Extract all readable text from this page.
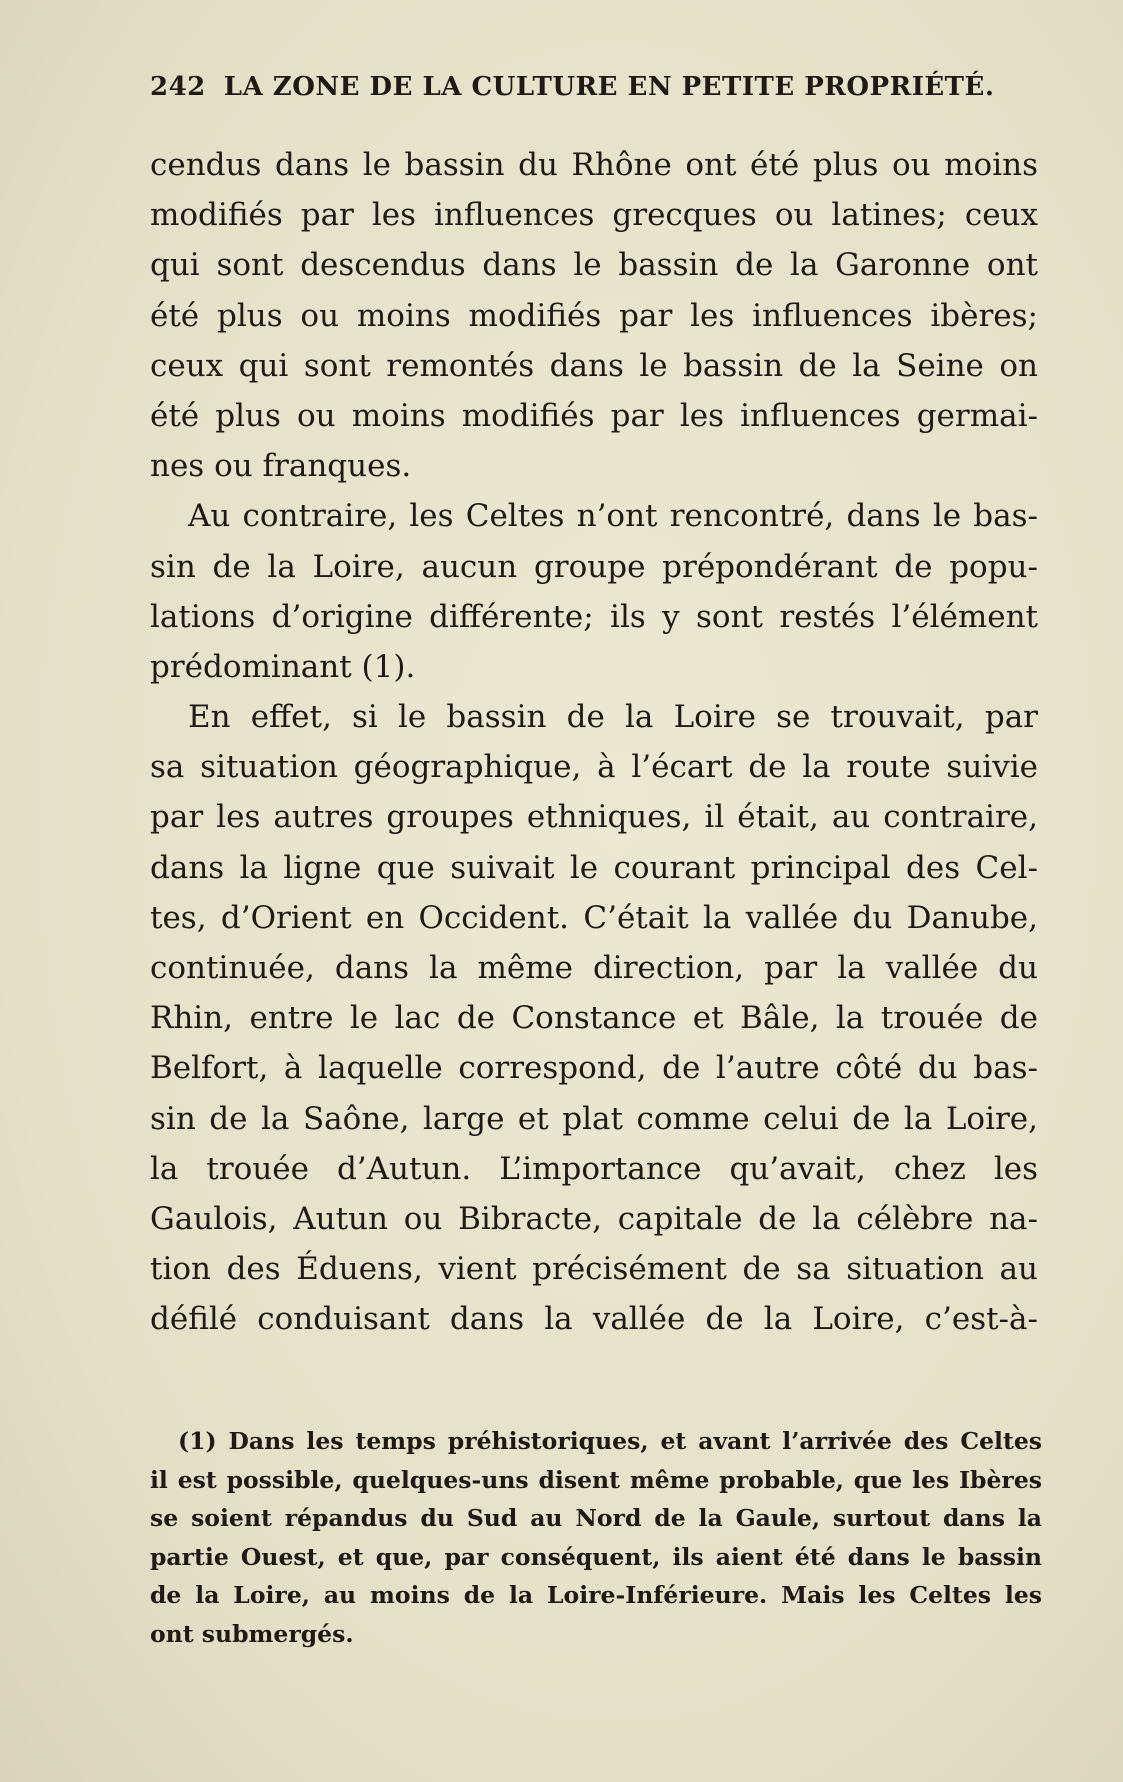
242 LA ZONE DE LA CULTURE EN PETITE PROPRIÉTÉ.
cendus dans le bassin du Rhône ont été plus ou moins
modifiés par les influences grecques ou latines; ceux
qui sont descendus dans le bassin de la Garonne ont
été plus ou moins modifiés par les influences ibères;
ceux qui sont remontés dans le bassin de la Seine on
été plus ou moins modifiés par les influences germai-
nes ou franques.
Au contraire, les Celtes n’ont rencontré, dans le bas-
sin de la Loire, aucun groupe prépondérant de popu-
lations d’origine différente; ils y sont restés l’élément
prédominant (1).
En effet, si le bassin de la Loire se trouvait, par
sa situation géographique, à l’écart de la route suivie
par les autres groupes ethniques, il était, au contraire,
dans la ligne que suivait le courant principal des Cel-
tes, d’Orient en Occident. C’était la vallée du Danube,
continuée, dans la même direction, par la vallée du
Rhin, entre le lac de Constance et Bâle, la trouée de
Belfort, à laquelle correspond, de l’autre côté du bas-
sin de la Saône, large et plat comme celui de la Loire,
la trouée d’Autun. L’importance qu’avait, chez les
Gaulois, Autun ou Bibracte, capitale de la célèbre na-
tion des Éduens, vient précisément de sa situation au
défilé conduisant dans la vallée de la Loire, c’est-à-
(1) Dans les temps préhistoriques, et avant l’arrivée des Celtes
il est possible, quelques-uns disent même probable, que les Ibères
se soient répandus du Sud au Nord de la Gaule, surtout dans la
partie Ouest, et que, par conséquent, ils aient été dans le bassin
de la Loire, au moins de la Loire-Inférieure. Mais les Celtes les
ont submergés.
